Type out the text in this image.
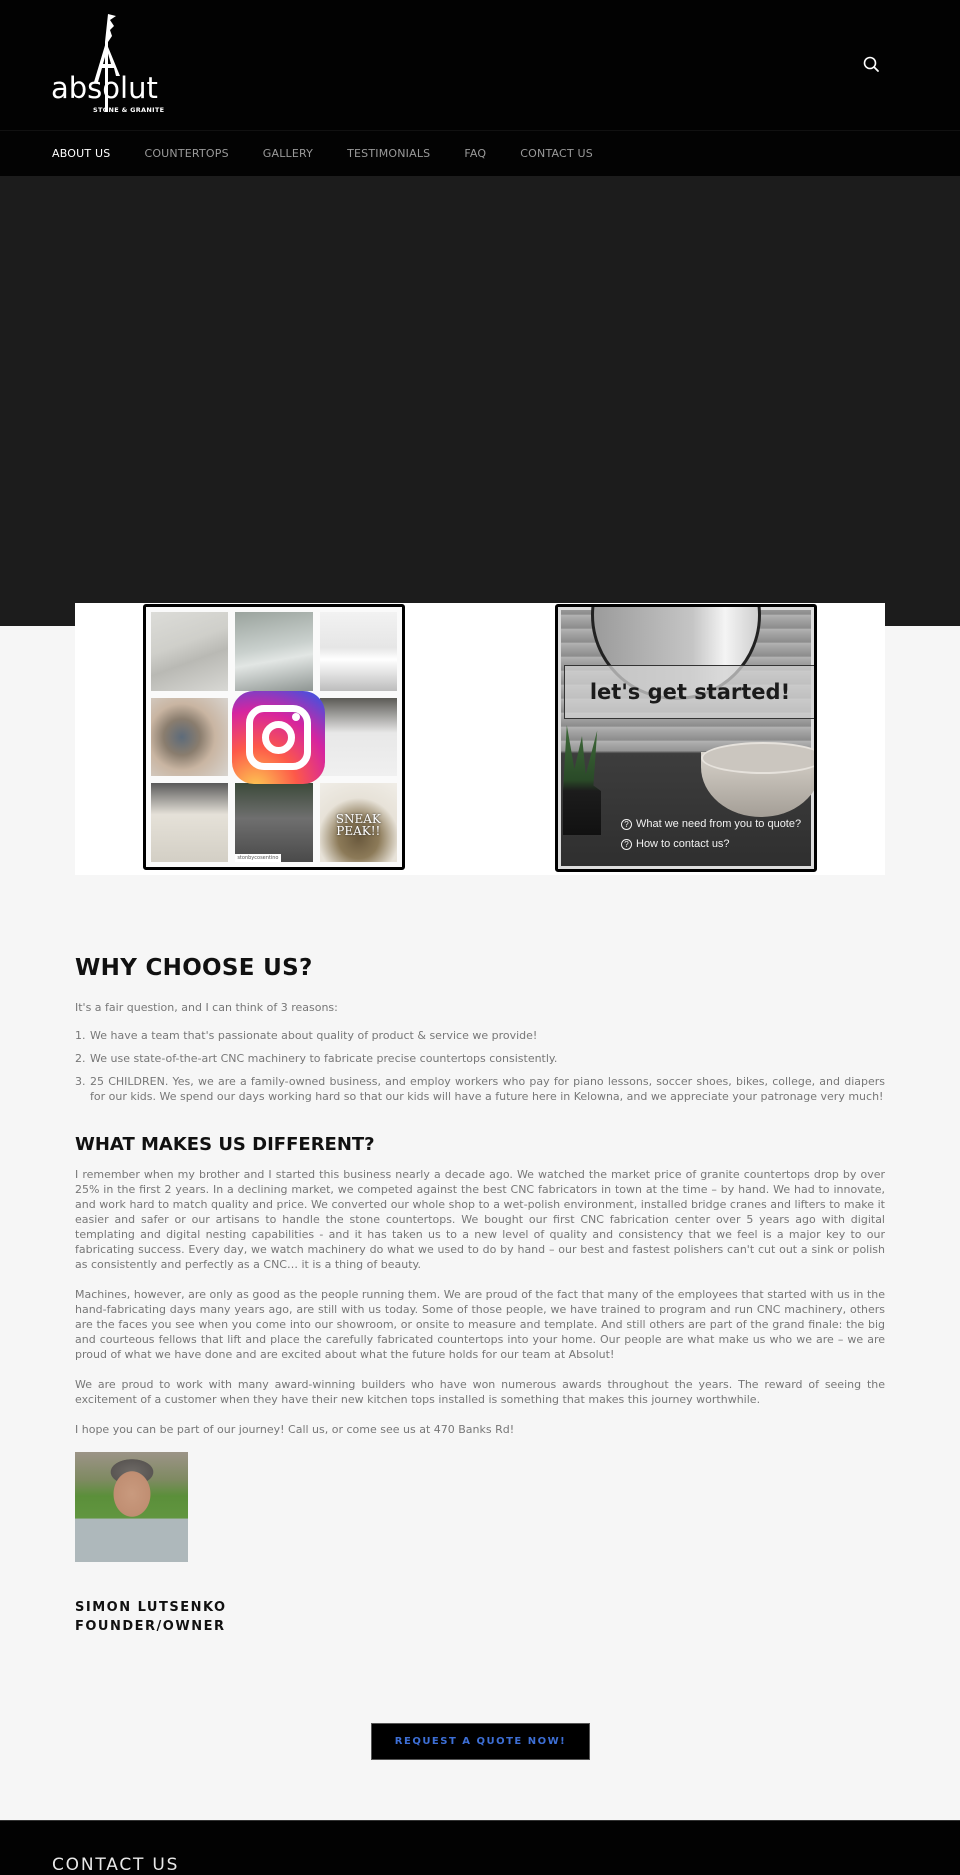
absolut
STONE & GRANITE
ABOUT US	COUNTERTOPS	GALLERY	TESTIMONIALS	FAQ	CONTACT US
stonbycosentino
SNEAK PEAK!!
let's get started!
? What we need from you to quote?
? How to contact us?
WHY CHOOSE US?

It's a fair question, and I can think of 3 reasons:

1. We have a team that's passionate about quality of product & service we provide!
2. We use state-of-the-art CNC machinery to fabricate precise countertops consistently.
3. 25 CHILDREN. Yes, we are a family-owned business, and employ workers who pay for piano lessons, soccer shoes, bikes, college, and diapers for our kids. We spend our days working hard so that our kids will have a future here in Kelowna, and we appreciate your patronage very much!
WHAT MAKES US DIFFERENT?

I remember when my brother and I started this business nearly a decade ago. We watched the market price of granite countertops drop by over 25% in the first 2 years. In a declining market, we competed against the best CNC fabricators in town at the time – by hand. We had to innovate, and work hard to match quality and price. We converted our whole shop to a wet-polish environment, installed bridge cranes and lifters to make it easier and safer or our artisans to handle the stone countertops. We bought our first CNC fabrication center over 5 years ago with digital templating and digital nesting capabilities - and it has taken us to a new level of quality and consistency that we feel is a major key to our fabricating success. Every day, we watch machinery do what we used to do by hand – our best and fastest polishers can't cut out a sink or polish as consistently and perfectly as a CNC… it is a thing of beauty.

Machines, however, are only as good as the people running them. We are proud of the fact that many of the employees that started with us in the hand-fabricating days many years ago, are still with us today. Some of those people, we have trained to program and run CNC machinery, others are the faces you see when you come into our showroom, or onsite to measure and template. And still others are part of the grand finale: the big and courteous fellows that lift and place the carefully fabricated countertops into your home. Our people are what make us who we are – we are proud of what we have done and are excited about what the future holds for our team at Absolut!

We are proud to work with many award-winning builders who have won numerous awards throughout the years. The reward of seeing the excitement of a customer when they have their new kitchen tops installed is something that makes this journey worthwhile.

I hope you can be part of our journey! Call us, or come see us at 470 Banks Rd!

SIMON LUTSENKO
FOUNDER/OWNER
REQUEST A QUOTE NOW!
CONTACT US
